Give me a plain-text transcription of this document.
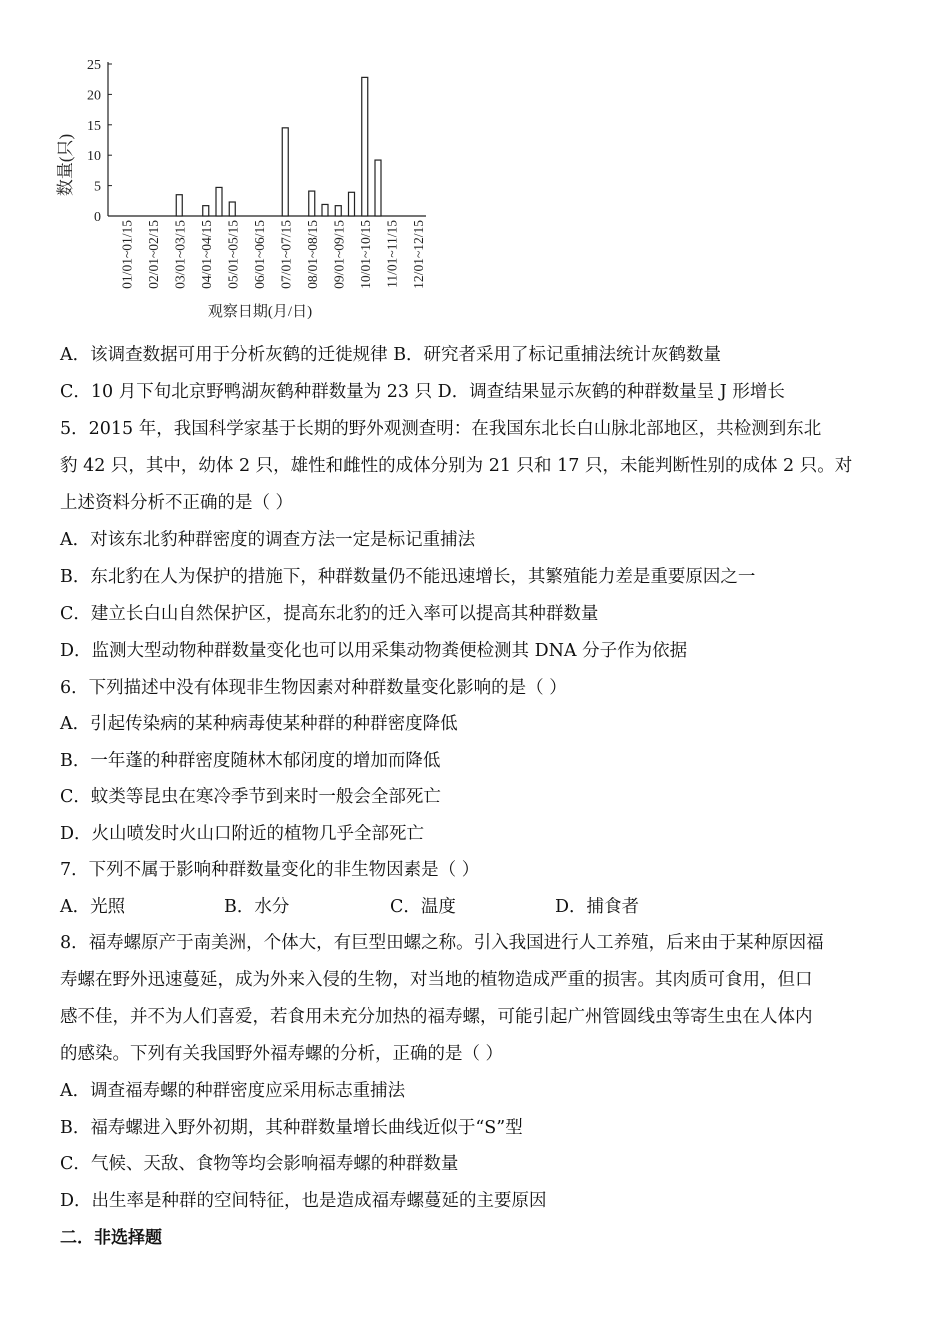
0
5
10
15
20
25
01/01~01/15 02/01~02/15 03/01~03/15 04/01~04/15 05/01~05/15 06/01~06/15 07/01~07/15 08/01~08/15 09/01~09/15 10/01~10/15 11/01~11/15 12/01~12/15
数量(只)
观察日期(月/日)
A．该调查数据可用于分析灰鹤的迁徙规律 B．研究者采用了标记重捕法统计灰鹤数量
C．10 月下旬北京野鸭湖灰鹤种群数量为 23 只 D．调查结果显示灰鹤的种群数量呈 J 形增长
5．2015 年，我国科学家基于长期的野外观测查明：在我国东北长白山脉北部地区，共检测到东北
豹 42 只，其中，幼体 2 只，雄性和雌性的成体分别为 21 只和 17 只，未能判断性别的成体 2 只。对
上述资料分析不正确的是（ ）
A．对该东北豹种群密度的调查方法一定是标记重捕法
B．东北豹在人为保护的措施下，种群数量仍不能迅速增长，其繁殖能力差是重要原因之一
C．建立长白山自然保护区，提高东北豹的迁入率可以提高其种群数量
D．监测大型动物种群数量变化也可以用采集动物粪便检测其 DNA 分子作为依据
6．下列描述中没有体现非生物因素对种群数量变化影响的是（ ）
A．引起传染病的某种病毒使某种群的种群密度降低
B．一年蓬的种群密度随林木郁闭度的增加而降低
C．蚊类等昆虫在寒冷季节到来时一般会全部死亡
D．火山喷发时火山口附近的植物几乎全部死亡
7．下列不属于影响种群数量变化的非生物因素是（ ）
A．光照	B．水分	C．温度	D．捕食者
8．福寿螺原产于南美洲，个体大，有巨型田螺之称。引入我国进行人工养殖，后来由于某种原因福
寿螺在野外迅速蔓延，成为外来入侵的生物，对当地的植物造成严重的损害。其肉质可食用，但口
感不佳，并不为人们喜爱，若食用未充分加热的福寿螺，可能引起广州管圆线虫等寄生虫在人体内
的感染。下列有关我国野外福寿螺的分析，正确的是（ ）
A．调查福寿螺的种群密度应采用标志重捕法
B．福寿螺进入野外初期，其种群数量增长曲线近似于“S”型
C．气候、天敌、食物等均会影响福寿螺的种群数量
D．出生率是种群的空间特征，也是造成福寿螺蔓延的主要原因
二．非选择题
